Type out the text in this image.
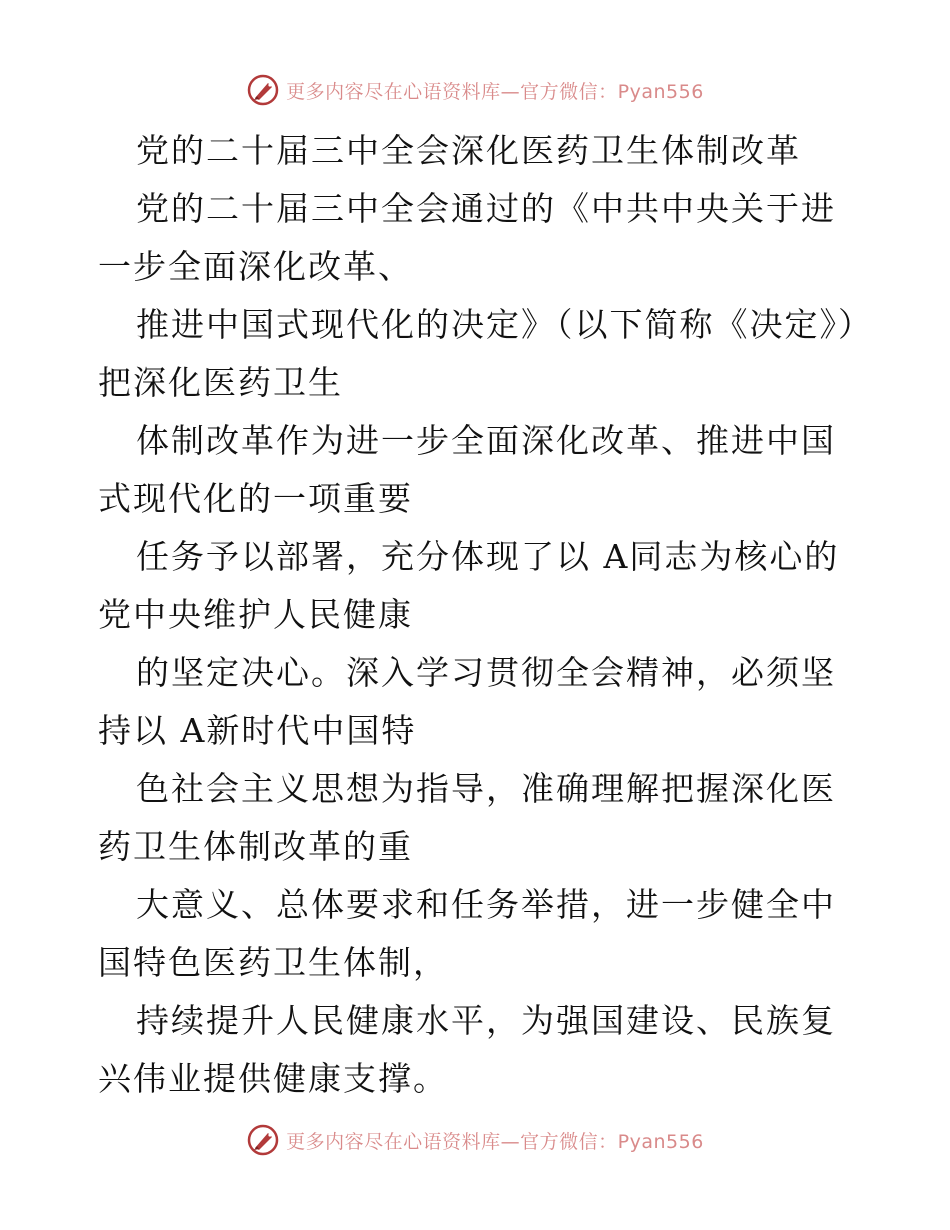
更多内容尽在心语资料库—官方微信：Pyan556

党的二十届三中全会深化医药卫生体制改革

党的二十届三中全会通过的《中共中央关于进一步全面深化改革、

推进中国式现代化的决定》（以下简称《决定》）把深化医药卫生

体制改革作为进一步全面深化改革、推进中国式现代化的一项重要

任务予以部署，充分体现了以 A同志为核心的党中央维护人民健康

的坚定决心。深入学习贯彻全会精神，必须坚持以 A新时代中国特

色社会主义思想为指导，准确理解把握深化医药卫生体制改革的重

大意义、总体要求和任务举措，进一步健全中国特色医药卫生体制，

持续提升人民健康水平，为强国建设、民族复兴伟业提供健康支撑。

更多内容尽在心语资料库—官方微信：Pyan556
